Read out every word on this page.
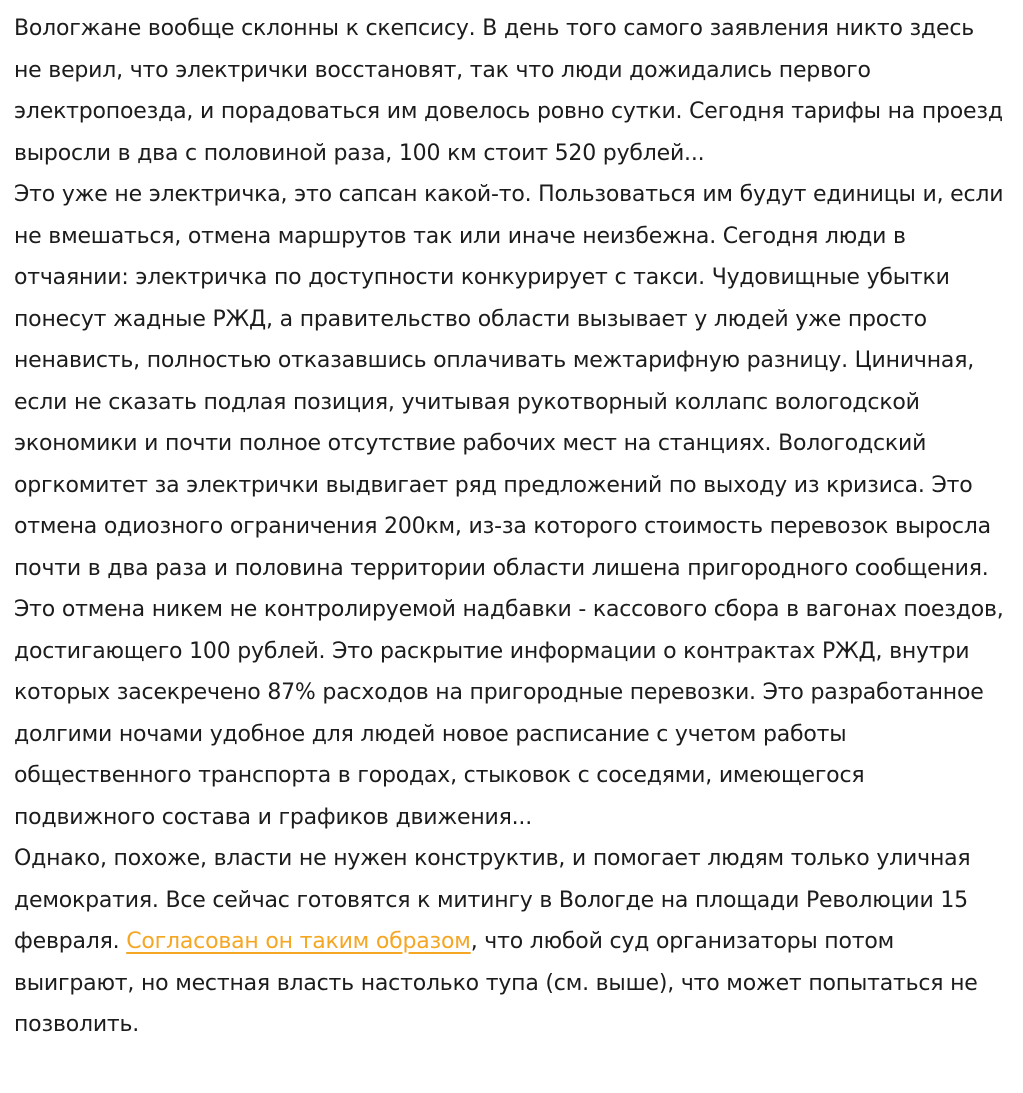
Вологжане вообще склонны к скепсису. В день того самого заявления никто здесь не верил, что электрички восстановят, так что люди дожидались первого электропоезда, и порадоваться им довелось ровно сутки. Сегодня тарифы на проезд выросли в два с половиной раза, 100 км стоит 520 рублей...

Это уже не электричка, это сапсан какой-то. Пользоваться им будут единицы и, если не вмешаться, отмена маршрутов так или иначе неизбежна. Сегодня люди в отчаянии: электричка по доступности конкурирует с такси. Чудовищные убытки понесут жадные РЖД, а правительство области вызывает у людей уже просто ненависть, полностью отказавшись оплачивать межтарифную разницу. Циничная, если не сказать подлая позиция, учитывая рукотворный коллапс вологодской экономики и почти полное отсутствие рабочих мест на станциях. Вологодский оргкомитет за электрички выдвигает ряд предложений по выходу из кризиса. Это отмена одиозного ограничения 200км, из-за которого стоимость перевозок выросла почти в два раза и половина территории области лишена пригородного сообщения. Это отмена никем не контролируемой надбавки - кассового сбора в вагонах поездов, достигающего 100 рублей. Это раскрытие информации о контрактах РЖД, внутри которых засекречено 87% расходов на пригородные перевозки. Это разработанное долгими ночами удобное для людей новое расписание с учетом работы общественного транспорта в городах, стыковок с соседями, имеющегося подвижного состава и графиков движения...

Однако, похоже, власти не нужен конструктив, и помогает людям только уличная демократия. Все сейчас готовятся к митингу в Вологде на площади Революции 15 февраля. Согласован он таким образом, что любой суд организаторы потом выиграют, но местная власть настолько тупа (см. выше), что может попытаться не позволить.
